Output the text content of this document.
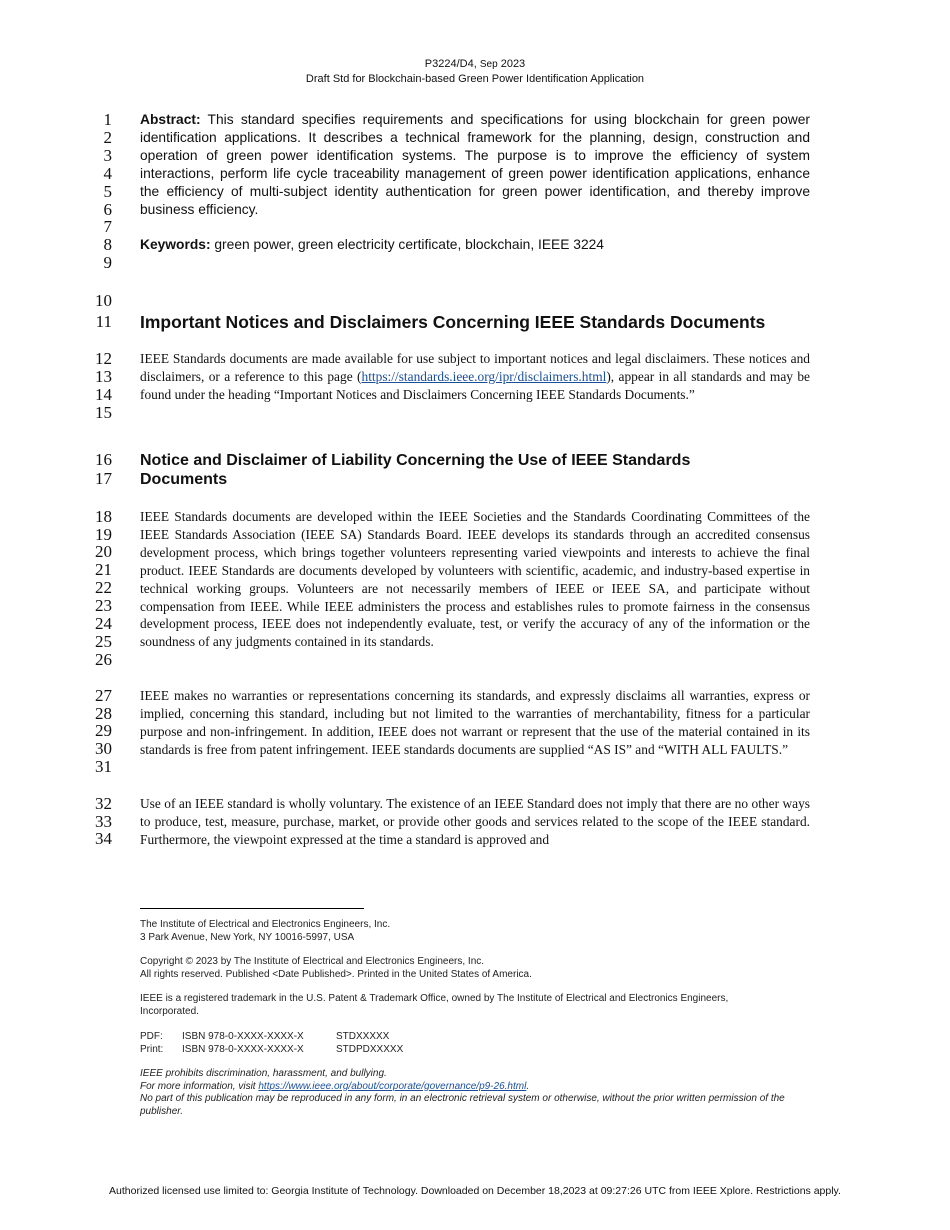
P3224/D4, Sep 2023
Draft Std for Blockchain-based Green Power Identification Application
1
2
3
4
5
6
7
8
9
10
11
12
13
14
15
16
17
18
19
20
21
22
23
24
25
26
27
28
29
30
31
32
33
34
Abstract: This standard specifies requirements and specifications for using blockchain for green power identification applications. It describes a technical framework for the planning, design, construction and operation of green power identification systems. The purpose is to improve the efficiency of system interactions, perform life cycle traceability management of green power identification applications, enhance the efficiency of multi-subject identity authentication for green power identification, and thereby improve business efficiency.
Keywords: green power, green electricity certificate, blockchain, IEEE 3224
Important Notices and Disclaimers Concerning IEEE Standards Documents
IEEE Standards documents are made available for use subject to important notices and legal disclaimers. These notices and disclaimers, or a reference to this page (https://standards.ieee.org/ipr/disclaimers.html), appear in all standards and may be found under the heading “Important Notices and Disclaimers Concerning IEEE Standards Documents.”
Notice and Disclaimer of Liability Concerning the Use of IEEE Standards
Documents
IEEE Standards documents are developed within the IEEE Societies and the Standards Coordinating Committees of the IEEE Standards Association (IEEE SA) Standards Board. IEEE develops its standards through an accredited consensus development process, which brings together volunteers representing varied viewpoints and interests to achieve the final product. IEEE Standards are documents developed by volunteers with scientific, academic, and industry-based expertise in technical working groups. Volunteers are not necessarily members of IEEE or IEEE SA, and participate without compensation from IEEE. While IEEE administers the process and establishes rules to promote fairness in the consensus development process, IEEE does not independently evaluate, test, or verify the accuracy of any of the information or the soundness of any judgments contained in its standards.
IEEE makes no warranties or representations concerning its standards, and expressly disclaims all warranties, express or implied, concerning this standard, including but not limited to the warranties of merchantability, fitness for a particular purpose and non-infringement. In addition, IEEE does not warrant or represent that the use of the material contained in its standards is free from patent infringement. IEEE standards documents are supplied “AS IS” and “WITH ALL FAULTS.”
Use of an IEEE standard is wholly voluntary. The existence of an IEEE Standard does not imply that there are no other ways to produce, test, measure, purchase, market, or provide other goods and services related to the scope of the IEEE standard. Furthermore, the viewpoint expressed at the time a standard is approved and
The Institute of Electrical and Electronics Engineers, Inc.
3 Park Avenue, New York, NY 10016-5997, USA
Copyright © 2023 by The Institute of Electrical and Electronics Engineers, Inc.
All rights reserved. Published <Date Published>. Printed in the United States of America.
IEEE is a registered trademark in the U.S. Patent & Trademark Office, owned by The Institute of Electrical and Electronics Engineers, Incorporated.
PDF: ISBN 978-0-XXXX-XXXX-X	STDXXXXX
Print: ISBN 978-0-XXXX-XXXX-X	STDPDXXXXX
IEEE prohibits discrimination, harassment, and bullying.
For more information, visit https://www.ieee.org/about/corporate/governance/p9-26.html.
No part of this publication may be reproduced in any form, in an electronic retrieval system or otherwise, without the prior written permission of the publisher.
Authorized licensed use limited to: Georgia Institute of Technology. Downloaded on December 18,2023 at 09:27:26 UTC from IEEE Xplore. Restrictions apply.
